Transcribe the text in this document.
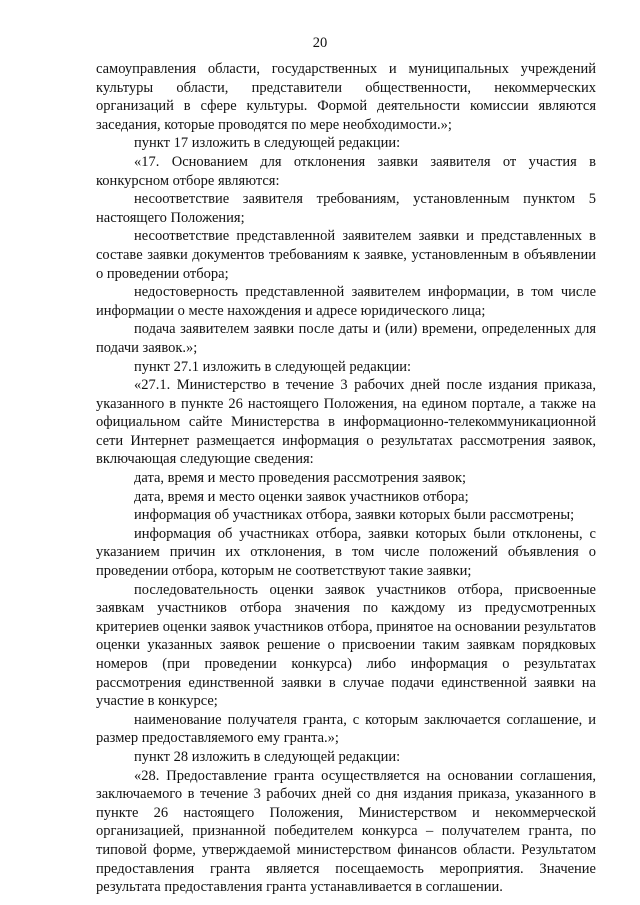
20

самоуправления области, государственных и муниципальных учреждений культуры области, представители общественности, некоммерческих организаций в сфере культуры. Формой деятельности комиссии являются заседания, которые проводятся по мере необходимости.»;

пункт 17 изложить в следующей редакции:

«17. Основанием для отклонения заявки заявителя от участия в конкурсном отборе являются:

несоответствие заявителя требованиям, установленным пунктом 5 настоящего Положения;

несоответствие представленной заявителем заявки и представленных в составе заявки документов требованиям к заявке, установленным в объявлении о проведении отбора;

недостоверность представленной заявителем информации, в том числе информации о месте нахождения и адресе юридического лица;

подача заявителем заявки после даты и (или) времени, определенных для подачи заявок.»;

пункт 27.1 изложить в следующей редакции:

«27.1. Министерство в течение 3 рабочих дней после издания приказа, указанного в пункте 26 настоящего Положения, на едином портале, а также на официальном сайте Министерства в информационно-телекоммуникационной сети Интернет размещается информация о результатах рассмотрения заявок, включающая следующие сведения:

дата, время и место проведения рассмотрения заявок;

дата, время и место оценки заявок участников отбора;

информация об участниках отбора, заявки которых были рассмотрены;

информация об участниках отбора, заявки которых были отклонены, с указанием причин их отклонения, в том числе положений объявления о проведении отбора, которым не соответствуют такие заявки;

последовательность оценки заявок участников отбора, присвоенные заявкам участников отбора значения по каждому из предусмотренных критериев оценки заявок участников отбора, принятое на основании результатов оценки указанных заявок решение о присвоении таким заявкам порядковых номеров (при проведении конкурса) либо информация о результатах рассмотрения единственной заявки в случае подачи единственной заявки на участие в конкурсе;

наименование получателя гранта, с которым заключается соглашение, и размер предоставляемого ему гранта.»;

пункт 28 изложить в следующей редакции:

«28. Предоставление гранта осуществляется на основании соглашения, заключаемого в течение 3 рабочих дней со дня издания приказа, указанного в пункте 26 настоящего Положения, Министерством и некоммерческой организацией, признанной победителем конкурса – получателем гранта, по типовой форме, утверждаемой министерством финансов области. Результатом предоставления гранта является посещаемость мероприятия. Значение результата предоставления гранта устанавливается в соглашении.
